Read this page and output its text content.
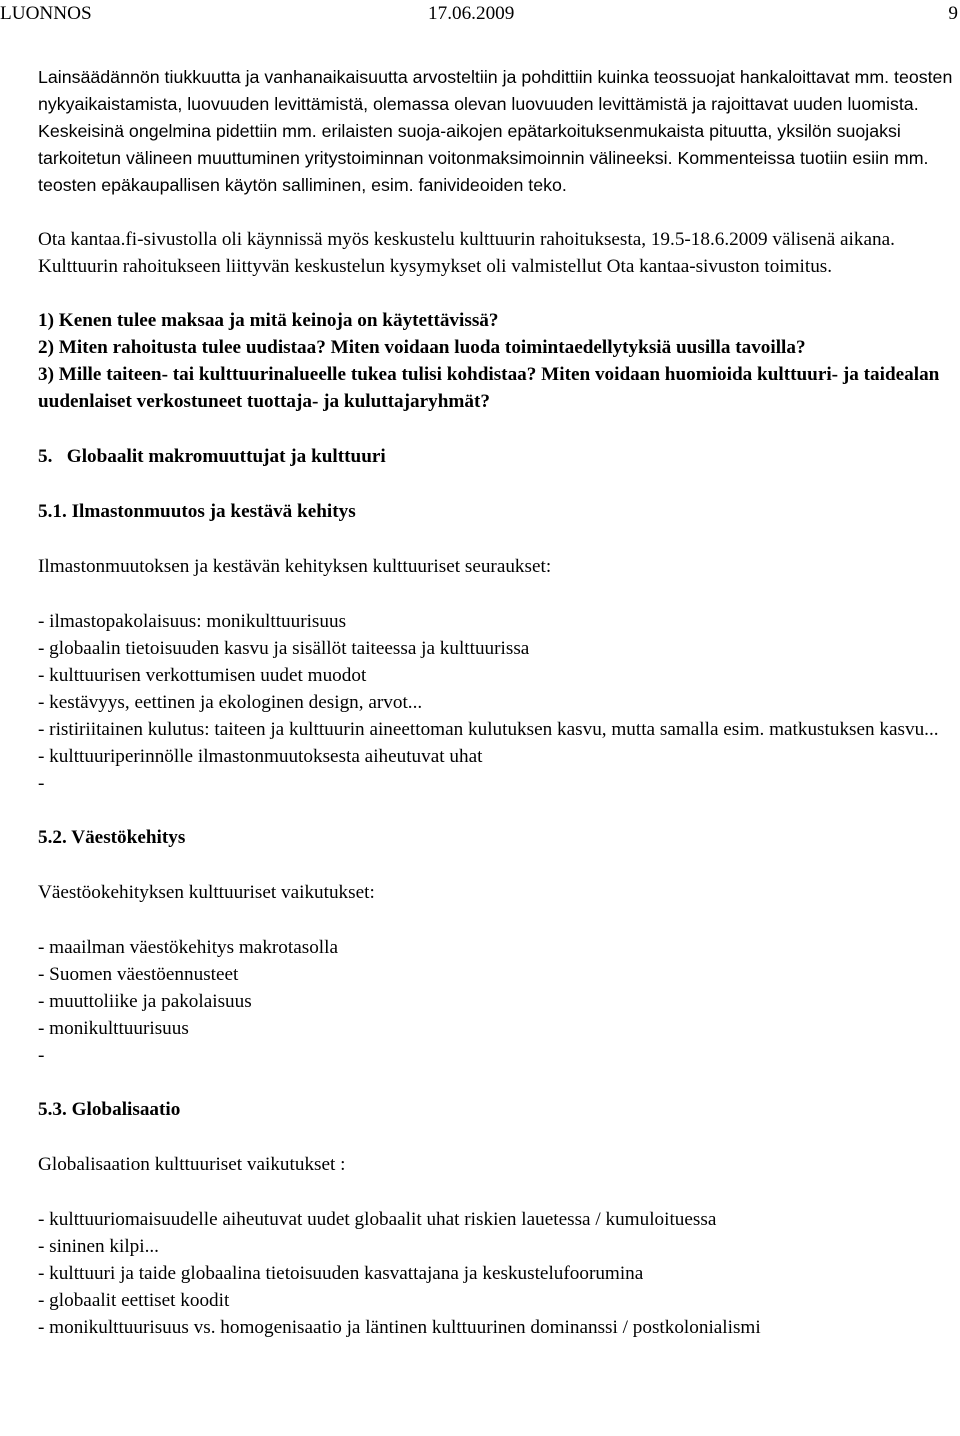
LUONNOS	17.06.2009	9

Lainsäädännön tiukkuutta ja vanhanaikaisuutta arvosteltiin ja pohdittiin kuinka teossuojat hankaloittavat mm. teosten nykyaikaistamista, luovuuden levittämistä, olemassa olevan luovuuden levittämistä ja rajoittavat uuden luomista. Keskeisinä ongelmina pidettiin mm. erilaisten suoja-aikojen epätarkoituksenmukaista pituutta, yksilön suojaksi tarkoitetun välineen muuttuminen yritystoiminnan voitonmaksimoinnin välineeksi. Kommenteissa tuotiin esiin mm. teosten epäkaupallisen käytön salliminen, esim. fanivideoiden teko.

Ota kantaa.fi-sivustolla oli käynnissä myös keskustelu kulttuurin rahoituksesta, 19.5-18.6.2009 välisenä aikana. Kulttuurin rahoitukseen liittyvän keskustelun kysymykset oli valmistellut Ota kantaa-sivuston toimitus.

1) Kenen tulee maksaa ja mitä keinoja on käytettävissä?

2) Miten rahoitusta tulee uudistaa? Miten voidaan luoda toimintaedellytyksiä uusilla tavoilla?

3) Mille taiteen- tai kulttuurinalueelle tukea tulisi kohdistaa? Miten voidaan huomioida kulttuuri- ja taidealan uudenlaiset verkostuneet tuottaja- ja kuluttajaryhmät?

5.   Globaalit makromuuttujat ja kulttuuri

5.1. Ilmastonmuutos ja kestävä kehitys

Ilmastonmuutoksen ja kestävän kehityksen kulttuuriset seuraukset:

- ilmastopakolaisuus: monikulttuurisuus
- globaalin tietoisuuden kasvu ja sisällöt taiteessa ja kulttuurissa
- kulttuurisen verkottumisen uudet muodot
- kestävyys, eettinen ja ekologinen design, arvot...
- ristiriitainen kulutus: taiteen ja kulttuurin aineettoman kulutuksen kasvu, mutta samalla esim. matkustuksen kasvu...
- kulttuuriperinnölle ilmastonmuutoksesta aiheutuvat uhat
-

5.2. Väestökehitys

Väestöokehityksen kulttuuriset vaikutukset:

- maailman väestökehitys makrotasolla
- Suomen väestöennusteet
- muuttoliike ja pakolaisuus
- monikulttuurisuus
-

5.3. Globalisaatio

Globalisaation kulttuuriset vaikutukset :

- kulttuuriomaisuudelle aiheutuvat uudet globaalit uhat riskien lauetessa / kumuloituessa
- sininen kilpi...
- kulttuuri ja taide globaalina tietoisuuden kasvattajana ja keskustelufoorumina
- globaalit eettiset koodit
- monikulttuurisuus vs. homogenisaatio ja läntinen kulttuurinen dominanssi / postkolonialismi
